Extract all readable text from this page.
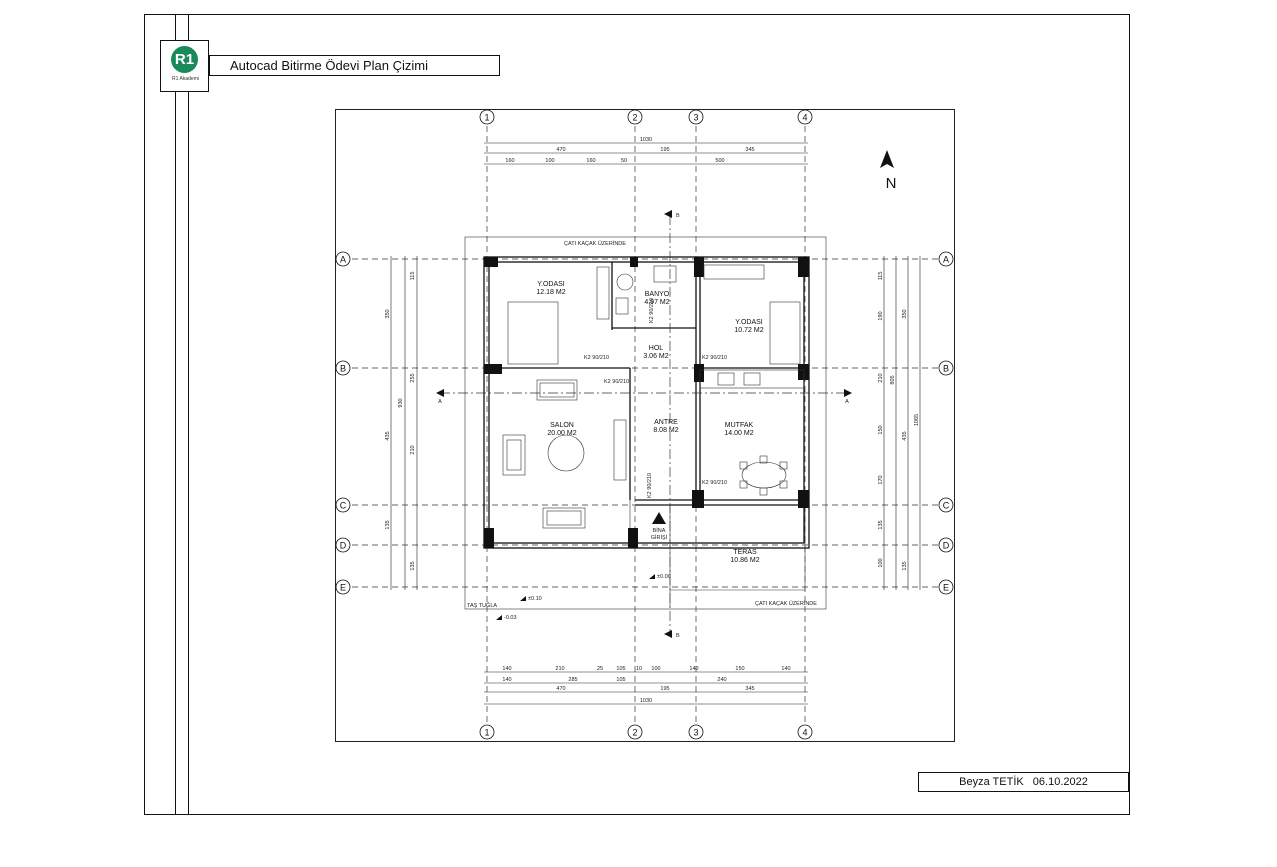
R1
R1 Akademi
Autocad Bitirme Ödevi Plan Çizimi
1	2	3	4
1	2	3	4
A
B
C
D
E
A
B
C
D
E
1030
470	195	345
160	100	160	50	500
140	210	25 105 10 100	140	150	140
140	285	105	240
470	195	345
1030
115
350
210
435
135
135
255
930
115
190
210
150
170
135
100	135
350
435
1065
805
Y.ODASI
12.18 M2	BANYO
4.97 M2
Y.ODASI
10.72 M2
HOL
3.06 M2
SALON
20.00 M2
ANTRE
8.08 M2
MUTFAK
14.00 M2
TERAS
10.86 M2
K2 90/210	K2 90/210
K2 90/210
K2 90/210
K2 90/210
K2 90/210
BİNA
GİRİŞİ
ÇATI KAÇAK ÜZERİNDE
ÇATI KAÇAK ÜZERİNDE
TAŞ TUĞLA
±0.10
-0.03
±0.00
A	A
B
B
N
Beyza TETİK 06.10.2022
